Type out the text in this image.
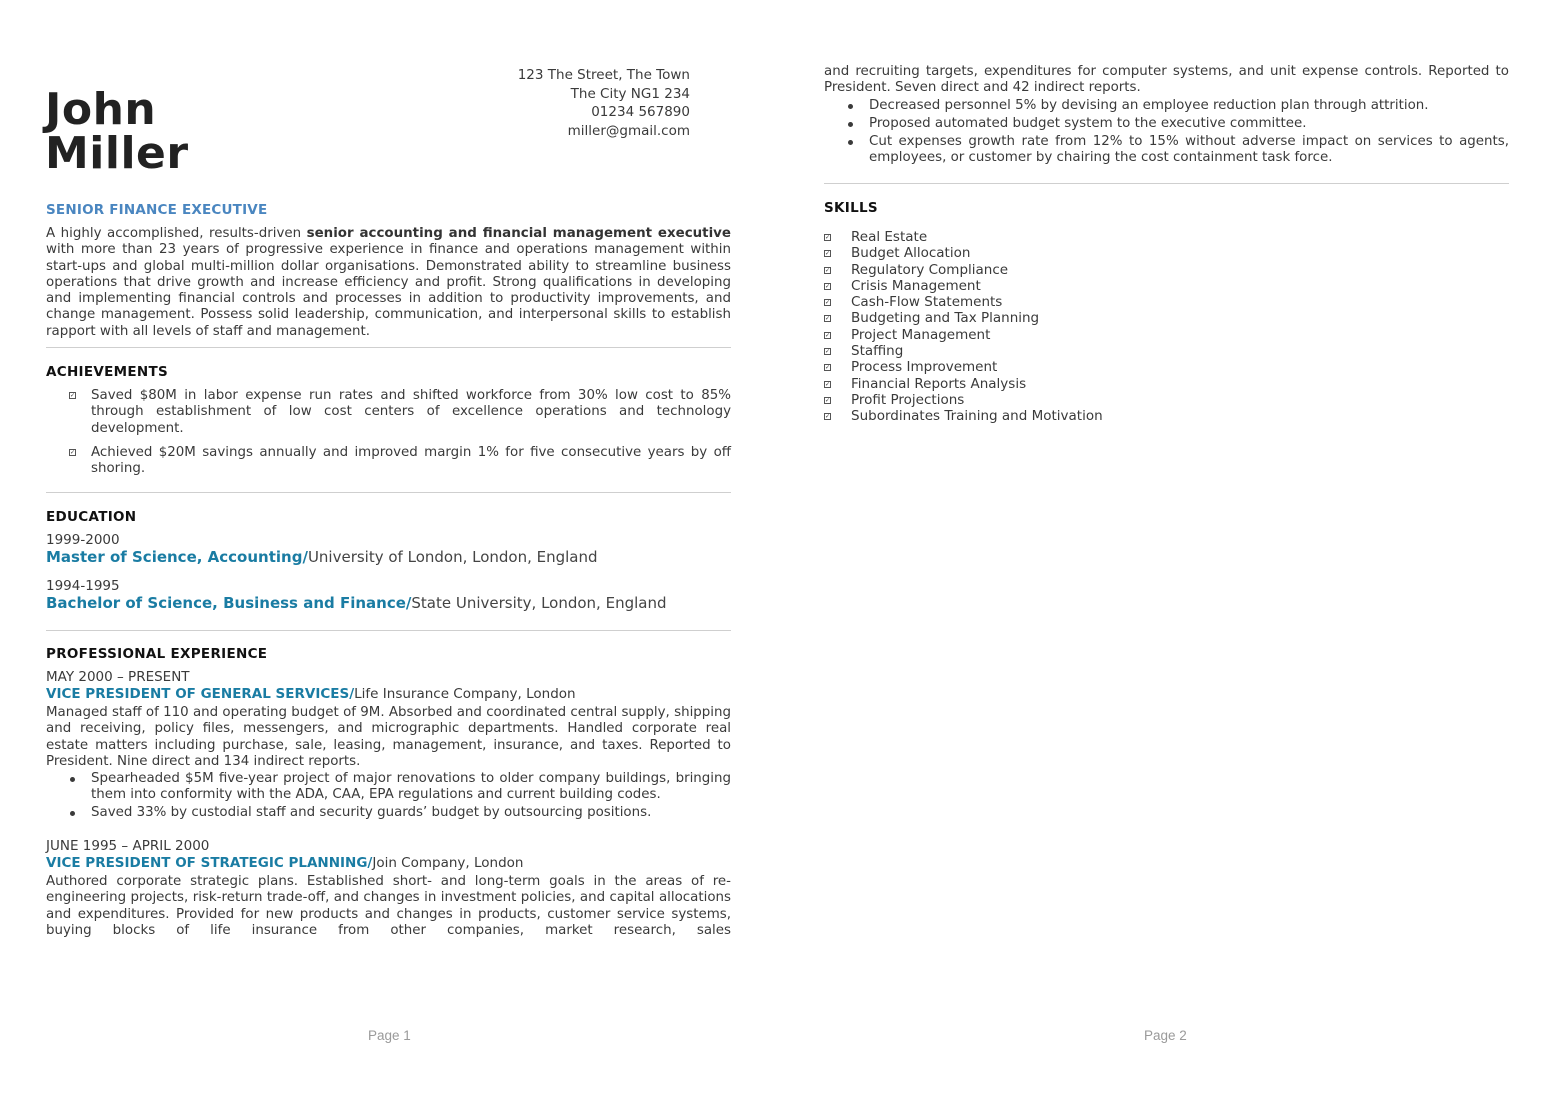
John
Miller
123 The Street, The Town
The City NG1 234
01234 567890
miller@gmail.com
SENIOR FINANCE EXECUTIVE
A highly accomplished, results-driven senior accounting and financial management executive with more than 23 years of progressive experience in finance and operations management within start-ups and global multi-million dollar organisations. Demonstrated ability to streamline business operations that drive growth and increase efficiency and profit. Strong qualifications in developing and implementing financial controls and processes in addition to productivity improvements, and change management. Possess solid leadership, communication, and interpersonal skills to establish rapport with all levels of staff and management.
ACHIEVEMENTS
✓ Saved $80M in labor expense run rates and shifted workforce from 30% low cost to 85% through establishment of low cost centers of excellence operations and technology development.
✓ Achieved $20M savings annually and improved margin 1% for five consecutive years by off shoring.
EDUCATION
1999-2000
Master of Science, Accounting/University of London, London, England
1994-1995
Bachelor of Science, Business and Finance/State University, London, England
PROFESSIONAL EXPERIENCE
MAY 2000 – PRESENT
VICE PRESIDENT OF GENERAL SERVICES/Life Insurance Company, London
Managed staff of 110 and operating budget of 9M. Absorbed and coordinated central supply, shipping and receiving, policy files, messengers, and micrographic departments. Handled corporate real estate matters including purchase, sale, leasing, management, insurance, and taxes. Reported to President. Nine direct and 134 indirect reports.
Spearheaded $5M five-year project of major renovations to older company buildings, bringing them into conformity with the ADA, CAA, EPA regulations and current building codes.
Saved 33% by custodial staff and security guards’ budget by outsourcing positions.
JUNE 1995 – APRIL 2000
VICE PRESIDENT OF STRATEGIC PLANNING/Join Company, London
Authored corporate strategic plans. Established short- and long-term goals in the areas of re-engineering projects, risk-return trade-off, and changes in investment policies, and capital allocations and expenditures. Provided for new products and changes in products, customer service systems, buying blocks of life insurance from other companies, market research, sales
Page 1
and recruiting targets, expenditures for computer systems, and unit expense controls. Reported to President. Seven direct and 42 indirect reports.
Decreased personnel 5% by devising an employee reduction plan through attrition.
Proposed automated budget system to the executive committee.
Cut expenses growth rate from 12% to 15% without adverse impact on services to agents, employees, or customer by chairing the cost containment task force.
SKILLS
✓ Real Estate
✓ Budget Allocation
✓ Regulatory Compliance
✓ Crisis Management
✓ Cash-Flow Statements
✓ Budgeting and Tax Planning
✓ Project Management
✓ Staffing
✓ Process Improvement
✓ Financial Reports Analysis
✓ Profit Projections
✓ Subordinates Training and Motivation
Page 2
